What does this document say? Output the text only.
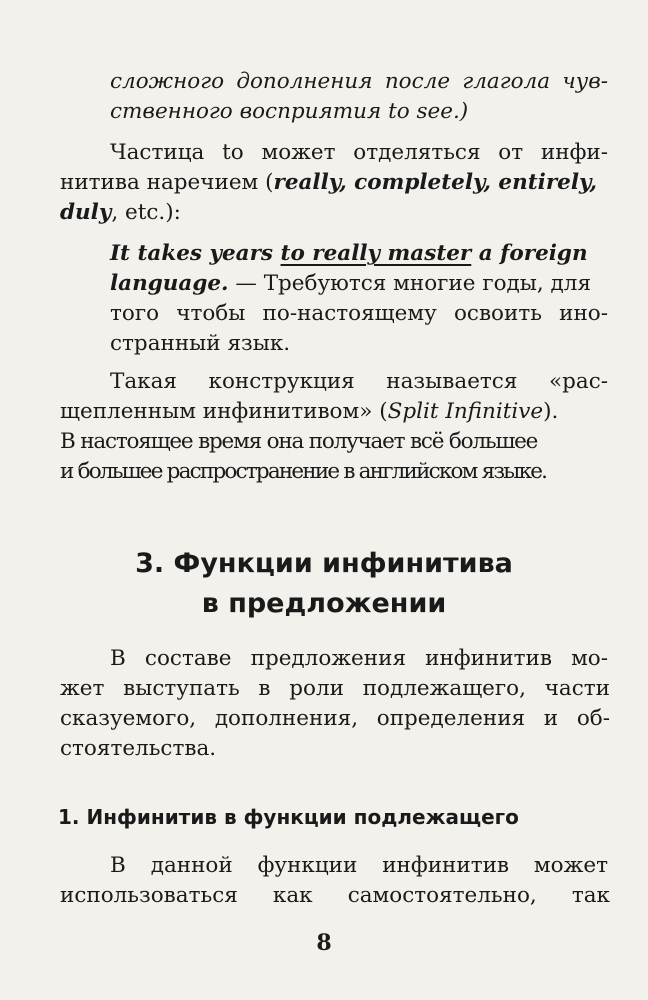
сложного дополнения после глагола чув-
ственного восприятия to see.)
Частица to может отделяться от инфи-
нитива наречием (really, completely, entirely,
duly, etc.):
It takes years to really master a foreign
language. — Требуются многие годы, для
того чтобы по-настоящему освоить ино-
странный язык.
Такая конструкция называется «рас-
щепленным инфинитивом» (Split Infinitive).
В настоящее время она получает всё большее
и большее распространение в английском языке.
3. Функции инфинитива
в предложении
В составе предложения инфинитив мо-
жет выступать в роли подлежащего, части
сказуемого, дополнения, определения и об-
стоятельства.
1. Инфинитив в функции подлежащего
В данной функции инфинитив может
использоваться как самостоятельно, так
8
